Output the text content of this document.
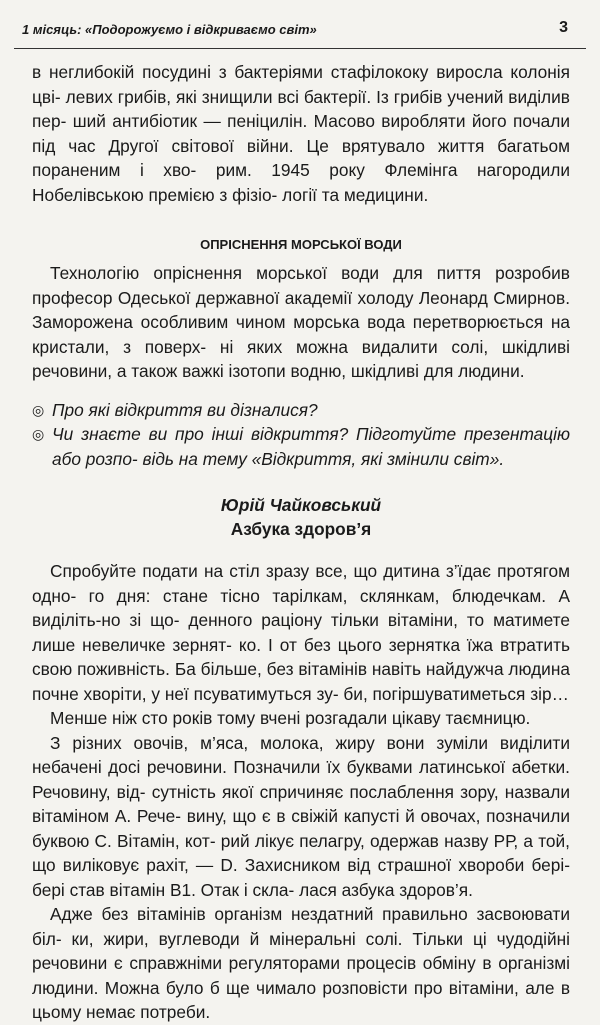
1 місяць: «Подорожуємо і відкриваємо світ»	3

в неглибокій посудині з бактеріями стафілококу виросла колонія цві- левих грибів, які знищили всі бактерії. Із грибів учений виділив пер- ший антибіотик — пеніцилін. Масово виробляти його почали під час Другої світової війни. Це врятувало життя багатьом пораненим і хво- рим. 1945 року Флемінга нагородили Нобелівською премією з фізіо- логії та медицини.

ОПРІСНЕННЯ МОРСЬКОЇ ВОДИ

Технологію опріснення морської води для пиття розробив професор Одеської державної академії холоду Леонард Смирнов. Заморожена особливим чином морська вода перетворюється на кристали, з поверх- ні яких можна видалити солі, шкідливі речовини, а також важкі ізотопи водню, шкідливі для людини.

◎ Про які відкриття ви дізналися?

◎ Чи знаєте ви про інші відкриття? Підготуйте презентацію або розпо- відь на тему «Відкриття, які змінили світ».

Юрій Чайковський
Азбука здоров’я

Спробуйте подати на стіл зразу все, що дитина з’їдає протягом одно- го дня: стане тісно тарілкам, склянкам, блюдечкам. А виділіть-но зі що- денного раціону тільки вітаміни, то матимете лише невеличке зернят- ко. І от без цього зернятка їжа втратить свою поживність. Ба більше, без вітамінів навіть найдужча людина почне хворіти, у неї псуватимуться зу- би, погіршуватиметься зір…

Менше ніж сто років тому вчені розгадали цікаву таємницю.

З різних овочів, м’яса, молока, жиру вони зуміли виділити небачені досі речовини. Позначили їх буквами латинської абетки. Речовину, від- сутність якої спричиняє послаблення зору, назвали вітаміном А. Рече- вину, що є в свіжій капусті й овочах, позначили буквою С. Вітамін, кот- рий лікує пелагру, одержав назву РР, а той, що виліковує рахіт, — D. Захисником від страшної хвороби бері-бері став вітамін B1. Отак і скла- лася азбука здоров’я.

Адже без вітамінів організм нездатний правильно засвоювати біл- ки, жири, вуглеводи й мінеральні солі. Тільки ці чудодійні речовини є справжніми регуляторами процесів обміну в організмі людини. Можна було б ще чимало розповісти про вітаміни, але в цьому немає потреби.
